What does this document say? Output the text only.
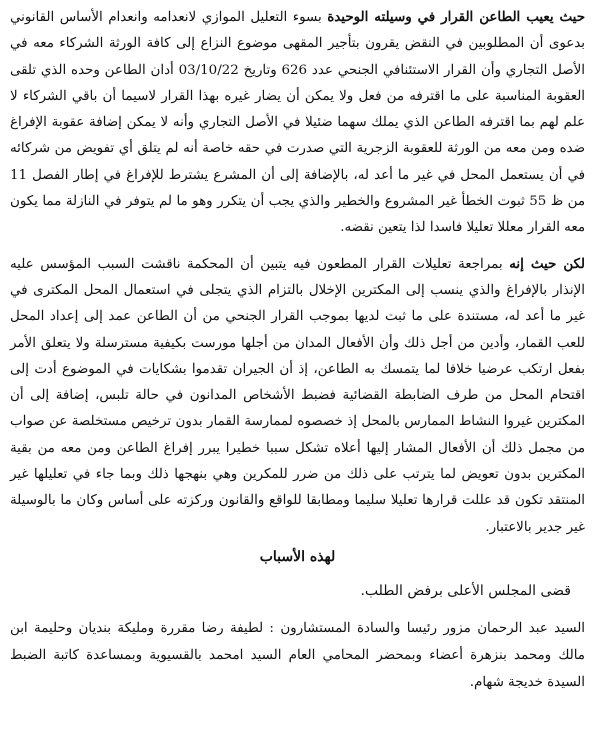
حيث يعيب الطاعن القرار في وسيلته الوحيدة بسوء التعليل الموازي لانعدامه وانعدام الأساس القانوني بدعوى أن المطلوبين في النقض يقرون بتأجير المقهى موضوع النزاع إلى كافة الورثة الشركاء معه في الأصل التجاري وأن القرار الاستئنافي الجنحي عدد 626 وتاريخ 03/10/22 أدان الطاعن وحده الذي تلقى العقوبة المناسبة على ما اقترفه من فعل ولا يمكن أن يضار غيره بهذا القرار لاسيما أن باقي الشركاء لا علم لهم بما اقترفه الطاعن الذي يملك سهما ضئيلا في الأصل التجاري وأنه لا يمكن إضافة عقوبة الإفراغ ضده ومن معه من الورثة للعقوبة الزجرية التي صدرت في حقه خاصة أنه لم يتلق أي تفويض من شركائه في أن يستعمل المحل في غير ما أعد له، بالإضافة إلى أن المشرع يشترط للإفراغ في إطار الفصل 11 من ظ 55 ثبوت الخطأ غير المشروع والخطير والذي يجب أن يتكرر وهو ما لم يتوفر في النازلة مما يكون معه القرار معللا تعليلا فاسدا لذا يتعين نقضه.

لكن حيث إنه بمراجعة تعليلات القرار المطعون فيه يتبين أن المحكمة ناقشت السبب المؤسس عليه الإنذار بالإفراغ والذي ينسب إلى المكترين الإخلال بالتزام الذي يتجلى في استعمال المحل المكترى في غير ما أعد له، مستندة على ما ثبت لديها بموجب القرار الجنحي من أن الطاعن عمد إلى إعداد المحل للعب القمار، وأدين من أجل ذلك وأن الأفعال المدان من أجلها مورست بكيفية مسترسلة ولا يتعلق الأمر بفعل ارتكب عرضيا خلافا لما يتمسك به الطاعن، إذ أن الجيران تقدموا بشكايات في الموضوع أدت إلى اقتحام المحل من طرف الضابطة القضائية فضبط الأشخاص المدانون في حالة تلبس، إضافة إلى أن المكترين غيروا النشاط الممارس بالمحل إذ خصصوه لممارسة القمار بدون ترخيص مستخلصة عن صواب من مجمل ذلك أن الأفعال المشار إليها أعلاه تشكل سببا خطيرا يبرر إفراغ الطاعن ومن معه من بقية المكترين بدون تعويض لما يترتب على ذلك من ضرر للمكرين وهي بنهجها ذلك وبما جاء في تعليلها غير المنتقد تكون قد عللت قرارها تعليلا سليما ومطابقا للواقع والقانون وركزته على أساس وكان ما بالوسيلة غير جدير بالاعتبار.

لهذه الأسباب
قضى المجلس الأعلى برفض الطلب.

السيد عبد الرحمان مزور رئيسا والسادة المستشارون : لطيفة رضا مقررة ومليكة بنديان وحليمة ابن مالك ومحمد بنزهرة أعضاء وبمحضر المحامي العام السيد امحمد بالقسيوية وبمساعدة كاتبة الضبط السيدة خديجة شهام.
